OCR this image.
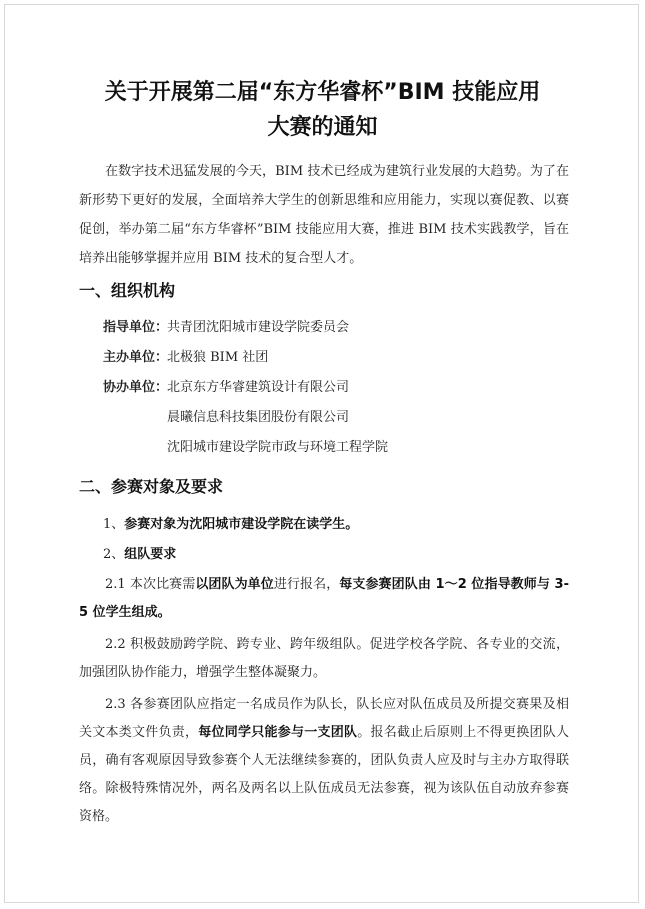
关于开展第二届“东方华睿杯”BIM 技能应用
大赛的通知

在数字技术迅猛发展的今天，BIM 技术已经成为建筑行业发展的大趋势。为了在新形势下更好的发展，全面培养大学生的创新思维和应用能力，实现以赛促教、以赛促创，举办第二届“东方华睿杯”BIM 技能应用大赛，推进 BIM 技术实践教学，旨在培养出能够掌握并应用 BIM 技术的复合型人才。

一、组织机构
指导单位：共青团沈阳城市建设学院委员会
主办单位：北极狼 BIM 社团
协办单位：北京东方华睿建筑设计有限公司
晨曦信息科技集团股份有限公司
沈阳城市建设学院市政与环境工程学院
二、参赛对象及要求
1、参赛对象为沈阳城市建设学院在读学生。
2、组队要求

2.1 本次比赛需以团队为单位进行报名，每支参赛团队由 1～2 位指导教师与 3-5 位学生组成。

2.2 积极鼓励跨学院、跨专业、跨年级组队。促进学校各学院、各专业的交流，加强团队协作能力，增强学生整体凝聚力。

2.3 各参赛团队应指定一名成员作为队长，队长应对队伍成员及所提交赛果及相关文本类文件负责，每位同学只能参与一支团队。报名截止后原则上不得更换团队人员，确有客观原因导致参赛个人无法继续参赛的，团队负责人应及时与主办方取得联络。除极特殊情况外，两名及两名以上队伍成员无法参赛，视为该队伍自动放弃参赛资格。
